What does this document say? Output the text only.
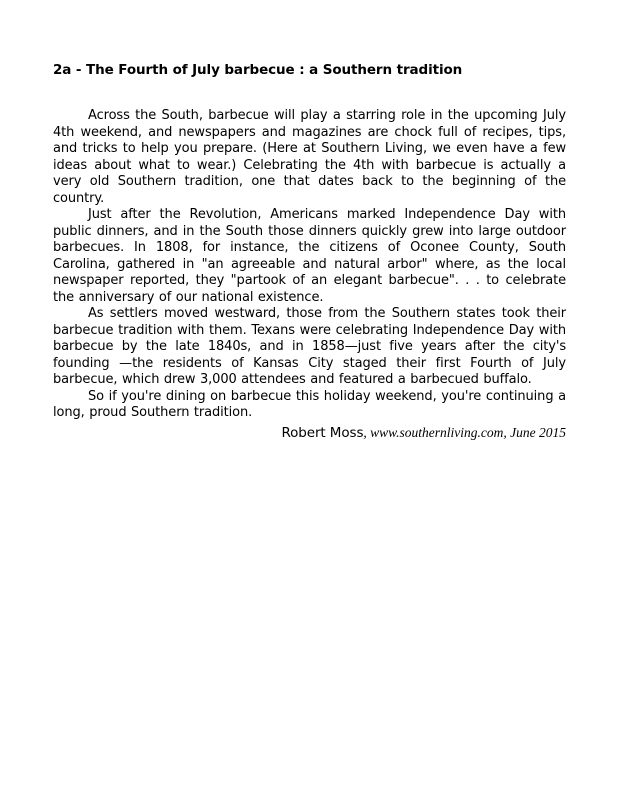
2a - The Fourth of July barbecue : a Southern tradition

Across the South, barbecue will play a starring role in the upcoming July 4th weekend, and newspapers and magazines are chock full of recipes, tips, and tricks to help you prepare. (Here at Southern Living, we even have a few ideas about what to wear.) Celebrating the 4th with barbecue is actually a very old Southern tradition, one that dates back to the beginning of the country.

Just after the Revolution, Americans marked Independence Day with public dinners, and in the South those dinners quickly grew into large outdoor barbecues. In 1808, for instance, the citizens of Oconee County, South Carolina, gathered in "an agreeable and natural arbor" where, as the local newspaper reported, they "partook of an elegant barbecue". . . to celebrate the anniversary of our national existence.

As settlers moved westward, those from the Southern states took their barbecue tradition with them. Texans were celebrating Independence Day with barbecue by the late 1840s, and in 1858—just five years after the city's founding —the residents of Kansas City staged their first Fourth of July barbecue, which drew 3,000 attendees and featured a barbecued buffalo.

So if you're dining on barbecue this holiday weekend, you're continuing a long, proud Southern tradition.

Robert Moss, www.southernliving.com, June 2015
